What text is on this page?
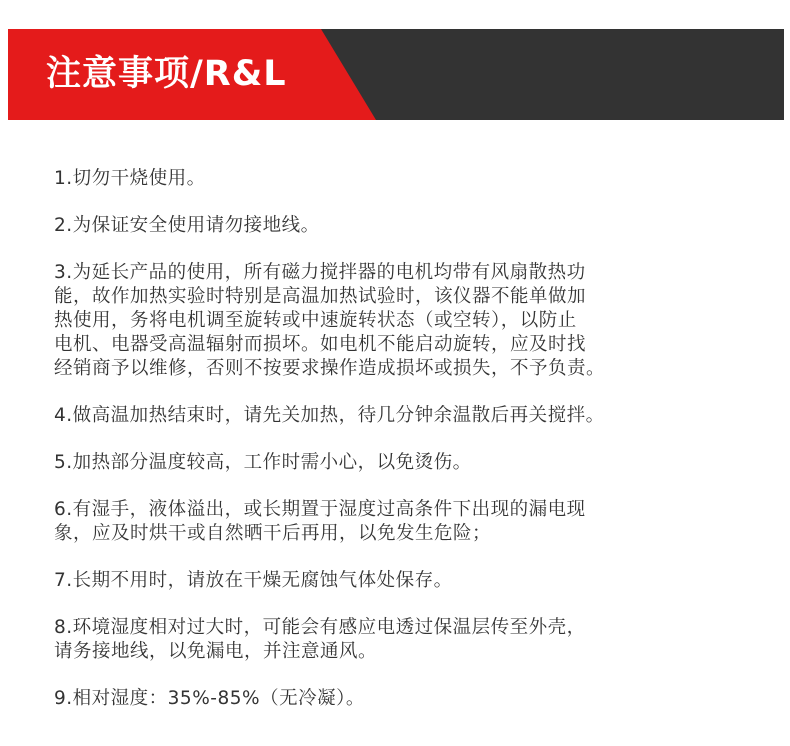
注意事项/R&L
1.切勿干烧使用。
2.为保证安全使用请勿接地线。
3.为延长产品的使用，所有磁力搅拌器的电机均带有风扇散热功
能，故作加热实验时特别是高温加热试验时，该仪器不能单做加
热使用，务将电机调至旋转或中速旋转状态（或空转），以防止
电机、电器受高温辐射而损坏。如电机不能启动旋转，应及时找
经销商予以维修，否则不按要求操作造成损坏或损失，不予负责。
4.做高温加热结束时，请先关加热，待几分钟余温散后再关搅拌。
5.加热部分温度较高，工作时需小心，以免烫伤。
6.有湿手，液体溢出，或长期置于湿度过高条件下出现的漏电现
象，应及时烘干或自然晒干后再用，以免发生危险；
7.长期不用时，请放在干燥无腐蚀气体处保存。
8.环境湿度相对过大时，可能会有感应电透过保温层传至外壳，
请务接地线，以免漏电，并注意通风。
9.相对湿度：35%-85%（无冷凝）。
